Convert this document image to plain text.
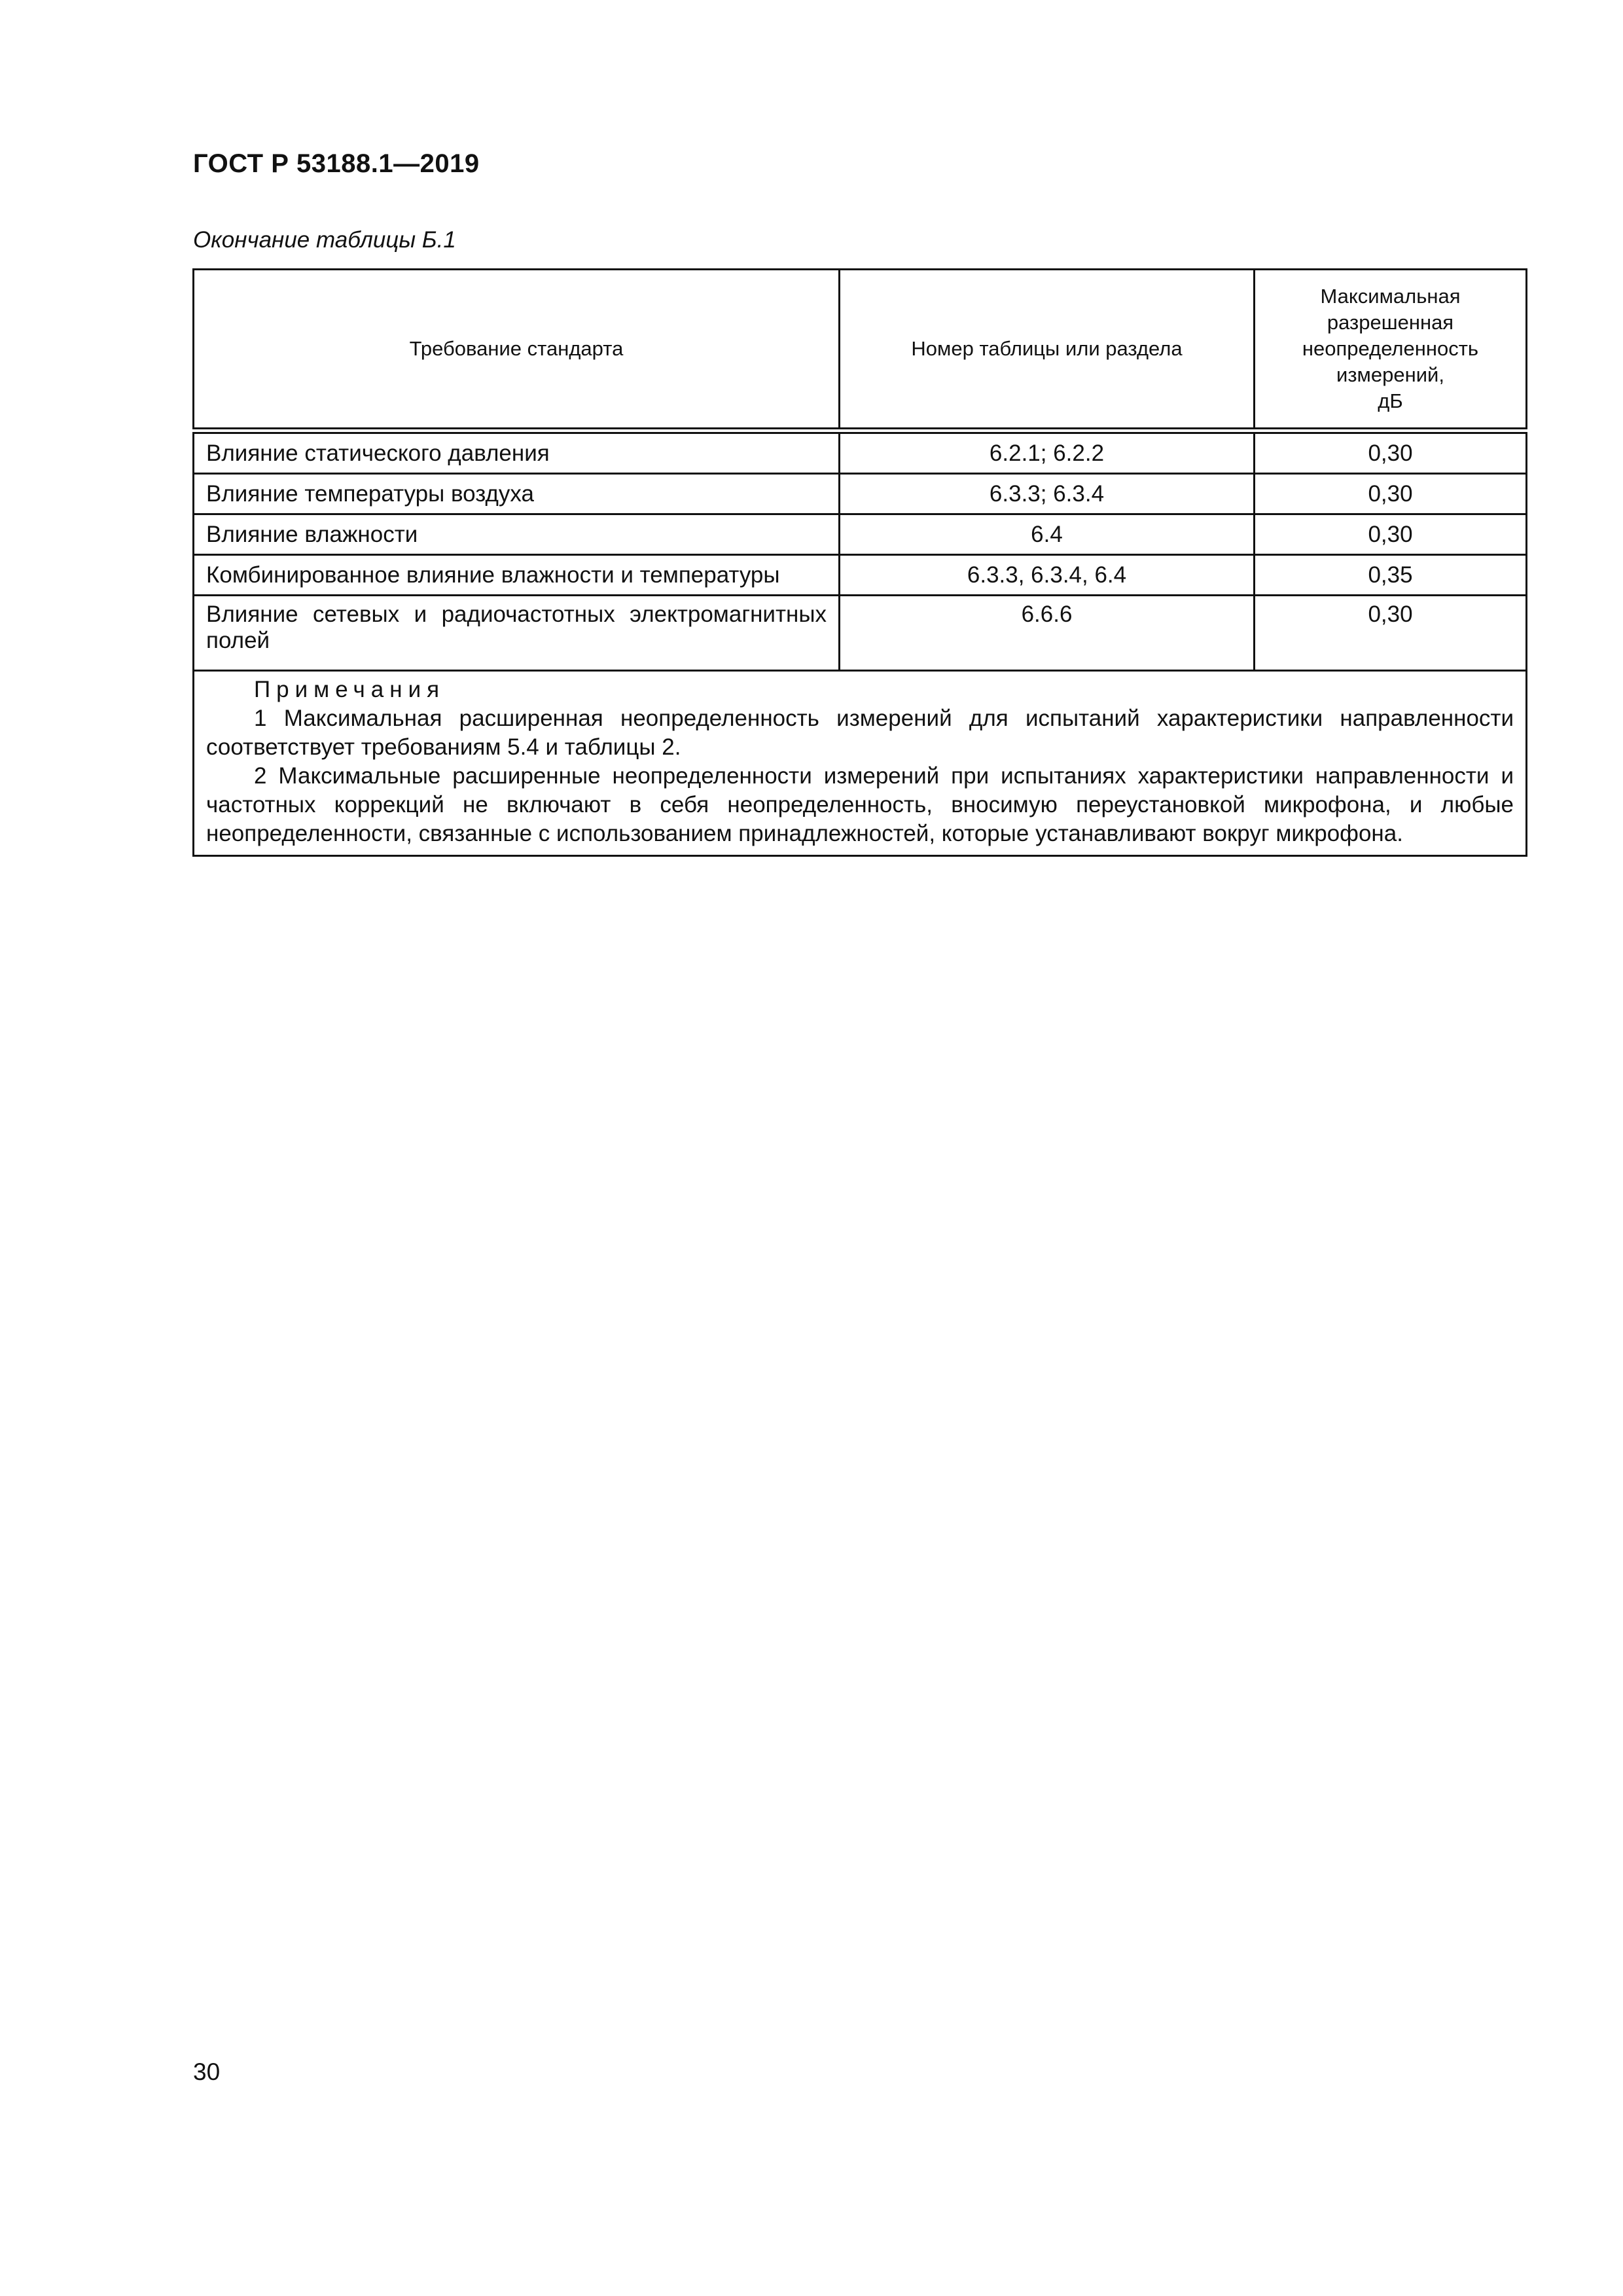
ГОСТ Р 53188.1—2019

Окончание таблицы Б.1

Требование стандарта	Номер таблицы или раздела	Максимальная
разрешенная
неопределенность
измерений,
дБ
Влияние статического давления	6.2.1; 6.2.2	0,30
Влияние температуры воздуха	6.3.3; 6.3.4	0,30
Влияние влажности	6.4	0,30
Комбинированное влияние влажности и температуры	6.3.3, 6.3.4, 6.4	0,35
Влияние сетевых и радиочастотных электромагнитных полей	6.6.6	0,30

Примечания

1 Максимальная расширенная неопределенность измерений для испытаний характеристики направленности соответствует требованиям 5.4 и таблицы 2.

2 Максимальные расширенные неопределенности измерений при испытаниях характеристики направленности и частотных коррекций не включают в себя неопределенность, вносимую переустановкой микрофона, и любые неопределенности, связанные с использованием принадлежностей, которые устанавливают вокруг микрофона.		

30
